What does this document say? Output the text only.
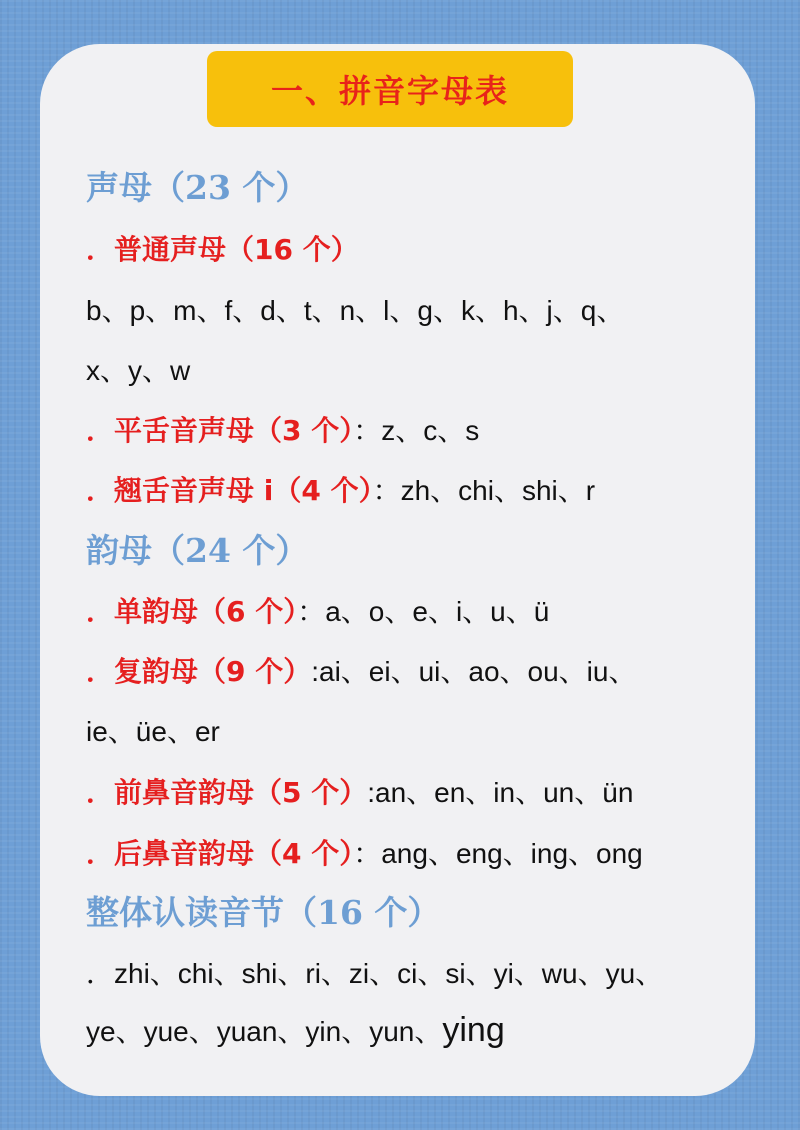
一、拼音字母表
声母（23 个）
．普通声母（16 个）
b、p、m、f、d、t、n、l、g、k、h、j、q、
x、y、w
．平舌音声母（3 个）：z、c、s
．翘舌音声母 i（4 个）：zh、chi、shi、r
韵母（24 个）
．单韵母（6 个）：a、o、e、i、u、ü
．复韵母（9 个）:ai、ei、ui、ao、ou、iu、
ie、üe、er
．前鼻音韵母（5 个）:an、en、in、un、ün
．后鼻音韵母（4 个）：ang、eng、ing、ong
整体认读音节（16 个）
．zhi、chi、shi、ri、zi、ci、si、yi、wu、yu、
ye、yue、yuan、yin、yun、ying
